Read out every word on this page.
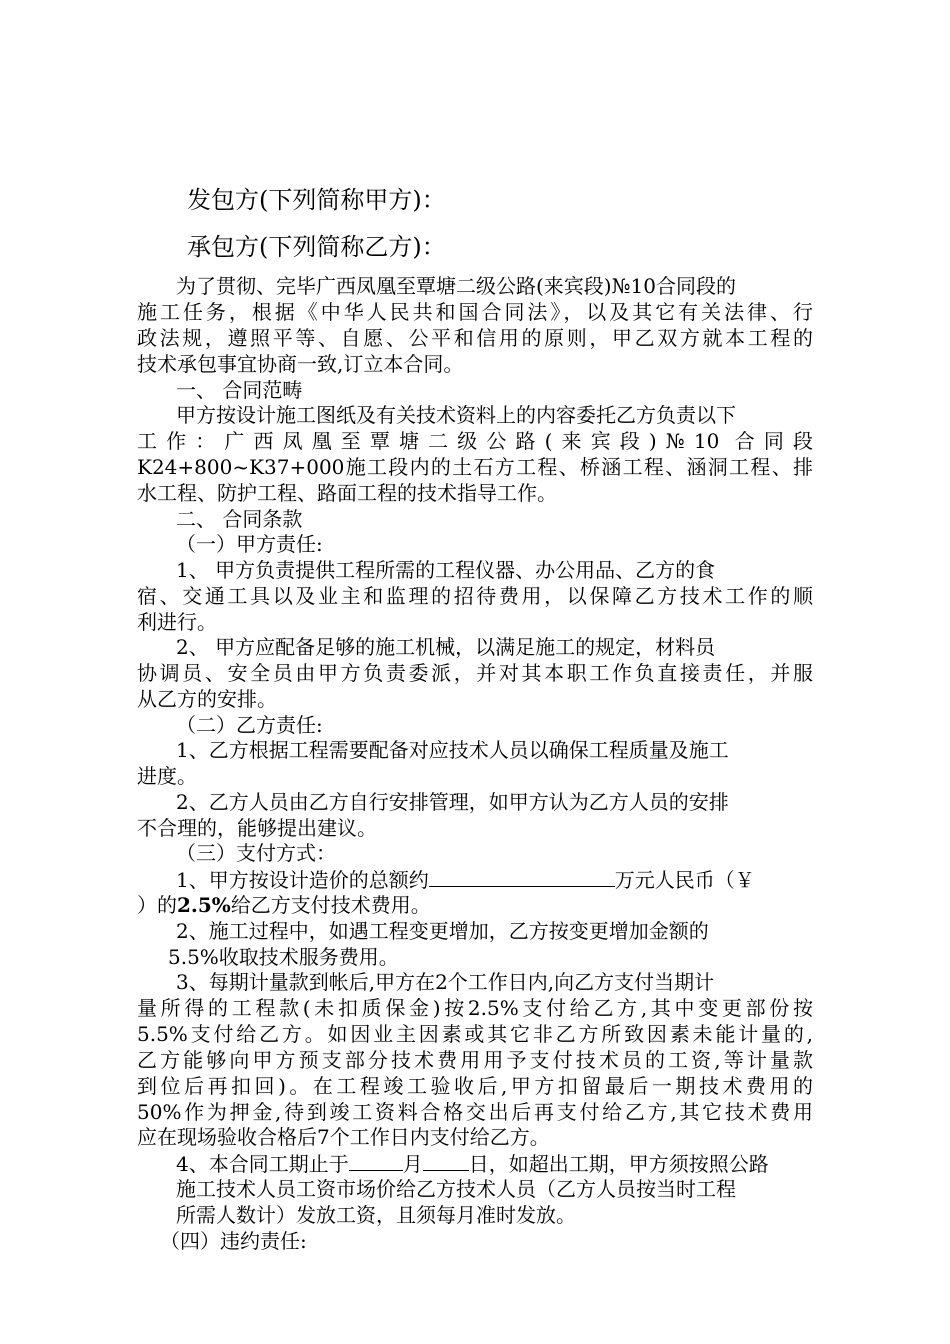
发包方(下列简称甲方)：
承包方(下列简称乙方)：
为了贯彻、完毕广西凤凰至覃塘二级公路(来宾段)№10合同段的
施工任务，根据《中华人民共和国合同法》，以及其它有关法律、行
政法规，遵照平等、自愿、公平和信用的原则，甲乙双方就本工程的
技术承包事宜协商一致,订立本合同。
一、 合同范畴
甲方按设计施工图纸及有关技术资料上的内容委托乙方负责以下
工作：广西凤凰至覃塘二级公路(来宾段)№10 合同段
K24+800~K37+000施工段内的土石方工程、桥涵工程、涵洞工程、排
水工程、防护工程、路面工程的技术指导工作。
二、 合同条款
（一）甲方责任:
1、 甲方负责提供工程所需的工程仪器、办公用品、乙方的食
宿、交通工具以及业主和监理的招待费用，以保障乙方技术工作的顺
利进行。
2、 甲方应配备足够的施工机械，以满足施工的规定，材料员
协调员、安全员由甲方负责委派，并对其本职工作负直接责任，并服
从乙方的安排。
（二）乙方责任:
1、乙方根据工程需要配备对应技术人员以确保工程质量及施工
进度。
2、乙方人员由乙方自行安排管理，如甲方认为乙方人员的安排
不合理的，能够提出建议。
（三）支付方式：
1、甲方按设计造价的总额约	万元人民币（￥
）的2.5%给乙方支付技术费用。
2、施工过程中，如遇工程变更增加，乙方按变更增加金额的
5.5%收取技术服务费用。
3、每期计量款到帐后,甲方在2个工作日内,向乙方支付当期计
量所得的工程款(未扣质保金)按2.5%支付给乙方,其中变更部份按
5.5%支付给乙方。如因业主因素或其它非乙方所致因素未能计量的,
乙方能够向甲方预支部分技术费用用予支付技术员的工资,等计量款
到位后再扣回)。在工程竣工验收后,甲方扣留最后一期技术费用的
50%作为押金,待到竣工资料合格交出后再支付给乙方,其它技术费用
应在现场验收合格后7个工作日内支付给乙方。
4、本合同工期止于	月 日，如超出工期，甲方须按照公路
施工技术人员工资市场价给乙方技术人员（乙方人员按当时工程
所需人数计）发放工资，且须每月准时发放。
（四）违约责任:
